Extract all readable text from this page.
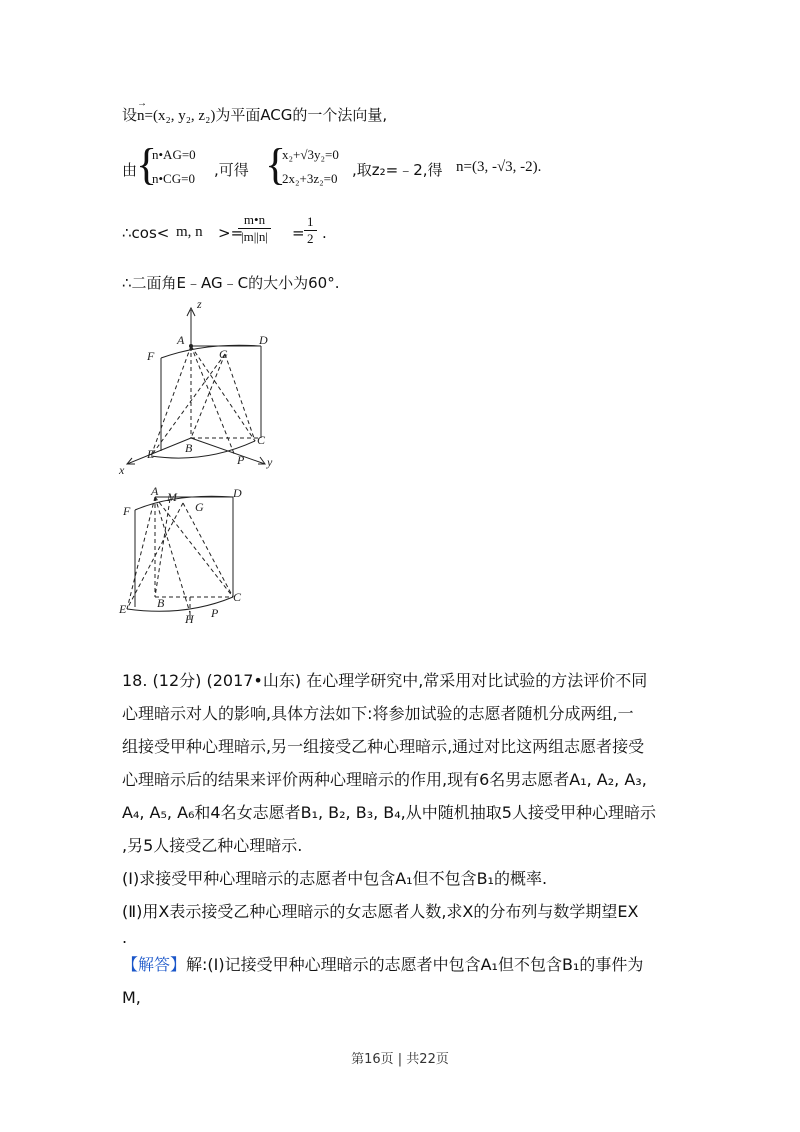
设→ n=(x₂, y₂, z₂)为平面ACG的一个法向量,
由
{
n•AG=0
n•CG=0 ,可得 {
x₂+√3y₂=0
2x₂+3z₂=0 ,取z₂=﹣2,得 n=(3, -√3, -2).
∴cos< m, n >=
$\frac{m•n}{|m||n|} = \frac{1}{2}$ .
∴二面角E﹣AG﹣C的大小为60°.
z
A	D
F	G
E	B
C
P
x
y
A M
G
D
F
E	B	C
H P
18. (12分) (2017•山东) 在心理学研究中,常采用对比试验的方法评价不同
心理暗示对人的影响,具体方法如下:将参加试验的志愿者随机分成两组,一
组接受甲种心理暗示,另一组接受乙种心理暗示,通过对比这两组志愿者接受
心理暗示后的结果来评价两种心理暗示的作用,现有6名男志愿者A₁, A₂, A₃,
A₄, A₅, A₆和4名女志愿者B₁, B₂, B₃, B₄,从中随机抽取5人接受甲种心理暗示
,另5人接受乙种心理暗示.
(Ⅰ)求接受甲种心理暗示的志愿者中包含A₁但不包含B₁的概率.
(Ⅱ)用X表示接受乙种心理暗示的女志愿者人数,求X的分布列与数学期望EX
.
【解答】解:(I)记接受甲种心理暗示的志愿者中包含A₁但不包含B₁的事件为
M,
第16页 | 共22页
